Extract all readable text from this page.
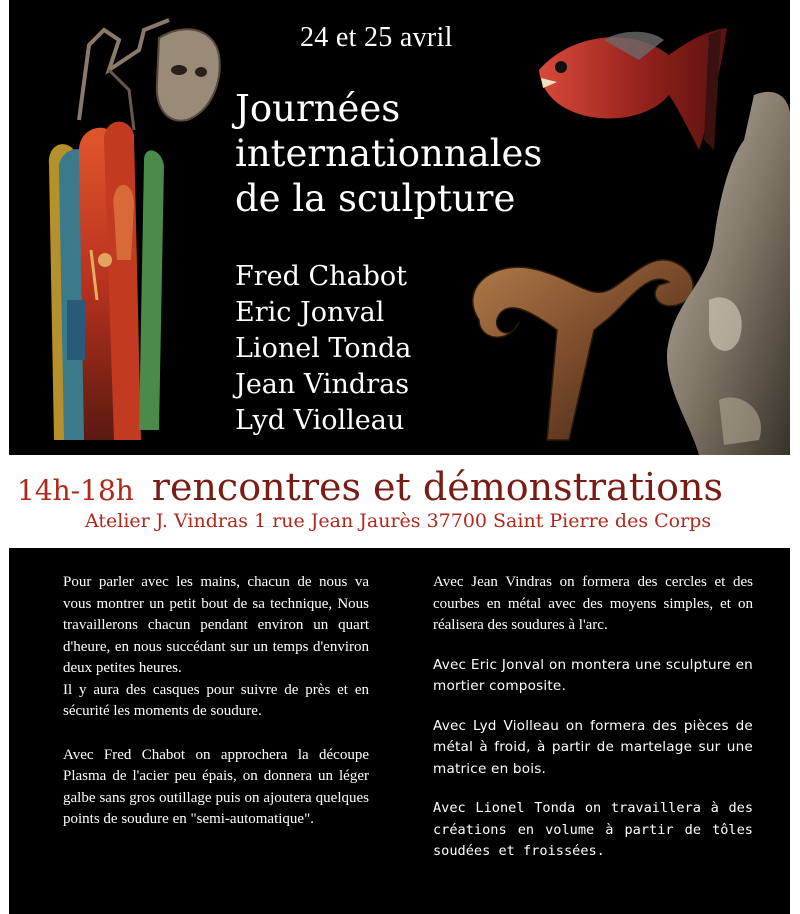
24 et 25 avril
Journées
internationnales
de la sculpture
Fred Chabot
Eric Jonval
Lionel Tonda
Jean Vindras
Lyd Violleau
14h-18h rencontres et démonstrations
Atelier J. Vindras 1 rue Jean Jaurès 37700 Saint Pierre des Corps

Pour parler avec les mains, chacun de nous va vous montrer un petit bout de sa technique, Nous travaillerons chacun pendant environ un quart d'heure, en nous succédant sur un temps d'environ deux petites heures.

Il y aura des casques pour suivre de près et en sécurité les moments de soudure.

Avec Fred Chabot on approchera la découpe Plasma de l'acier peu épais, on donnera un léger galbe sans gros outillage puis on ajoutera quelques points de soudure en "semi-automatique".

Avec Jean Vindras on formera des cercles et des courbes en métal avec des moyens simples, et on réalisera des soudures à l'arc.

Avec Eric Jonval on montera une sculpture en mortier composite.

Avec Lyd Violleau on formera des pièces de métal à froid, à partir de martelage sur une matrice en bois.

Avec Lionel Tonda on travaillera à des créations en volume à partir de tôles soudées et froissées.
